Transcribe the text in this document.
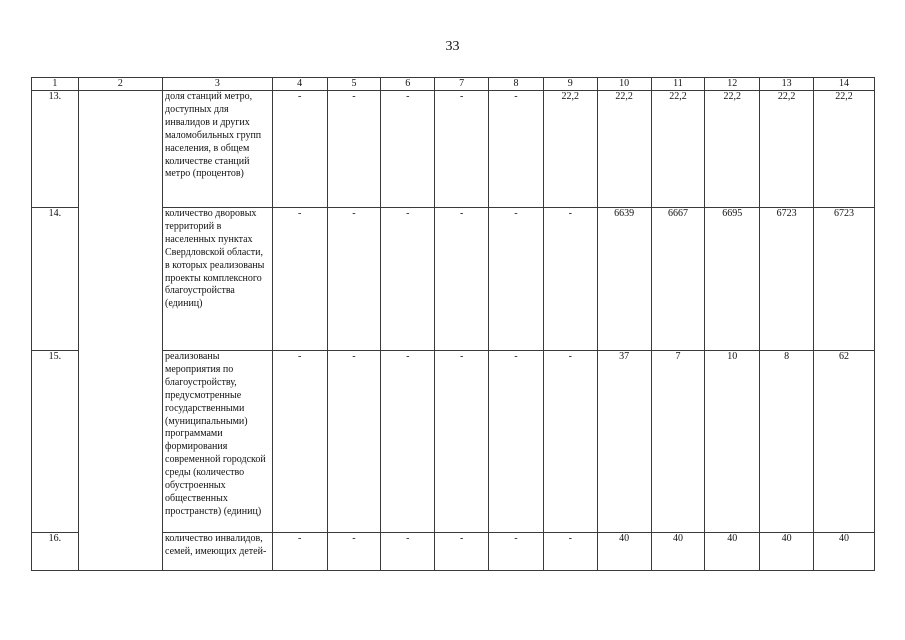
33
1	2	3	4	5	6	7	8	9	10	11	12	13	14
13.		доля станций метро, доступных для инвалидов и других маломобильных групп населения, в общем количестве станций метро (процентов)	-	-	-	-	-	22,2	22,2	22,2	22,2	22,2	22,2
14.		количество дворовых территорий в населенных пунктах Свердловской области, в которых реализованы проекты комплексного благоустройства (единиц)	-	-	-	-	-	-	6639	6667	6695	6723	6723
15.		реализованы мероприятия по благоустройству, предусмотренные государственными (муниципальными) программами формирования современной городской среды (количество обустроенных общественных пространств) (единиц)	-	-	-	-	-	-	37	7	10	8	62
16.		количество инвалидов, семей, имеющих детей-	-	-	-	-	-	-	40	40	40	40	40
